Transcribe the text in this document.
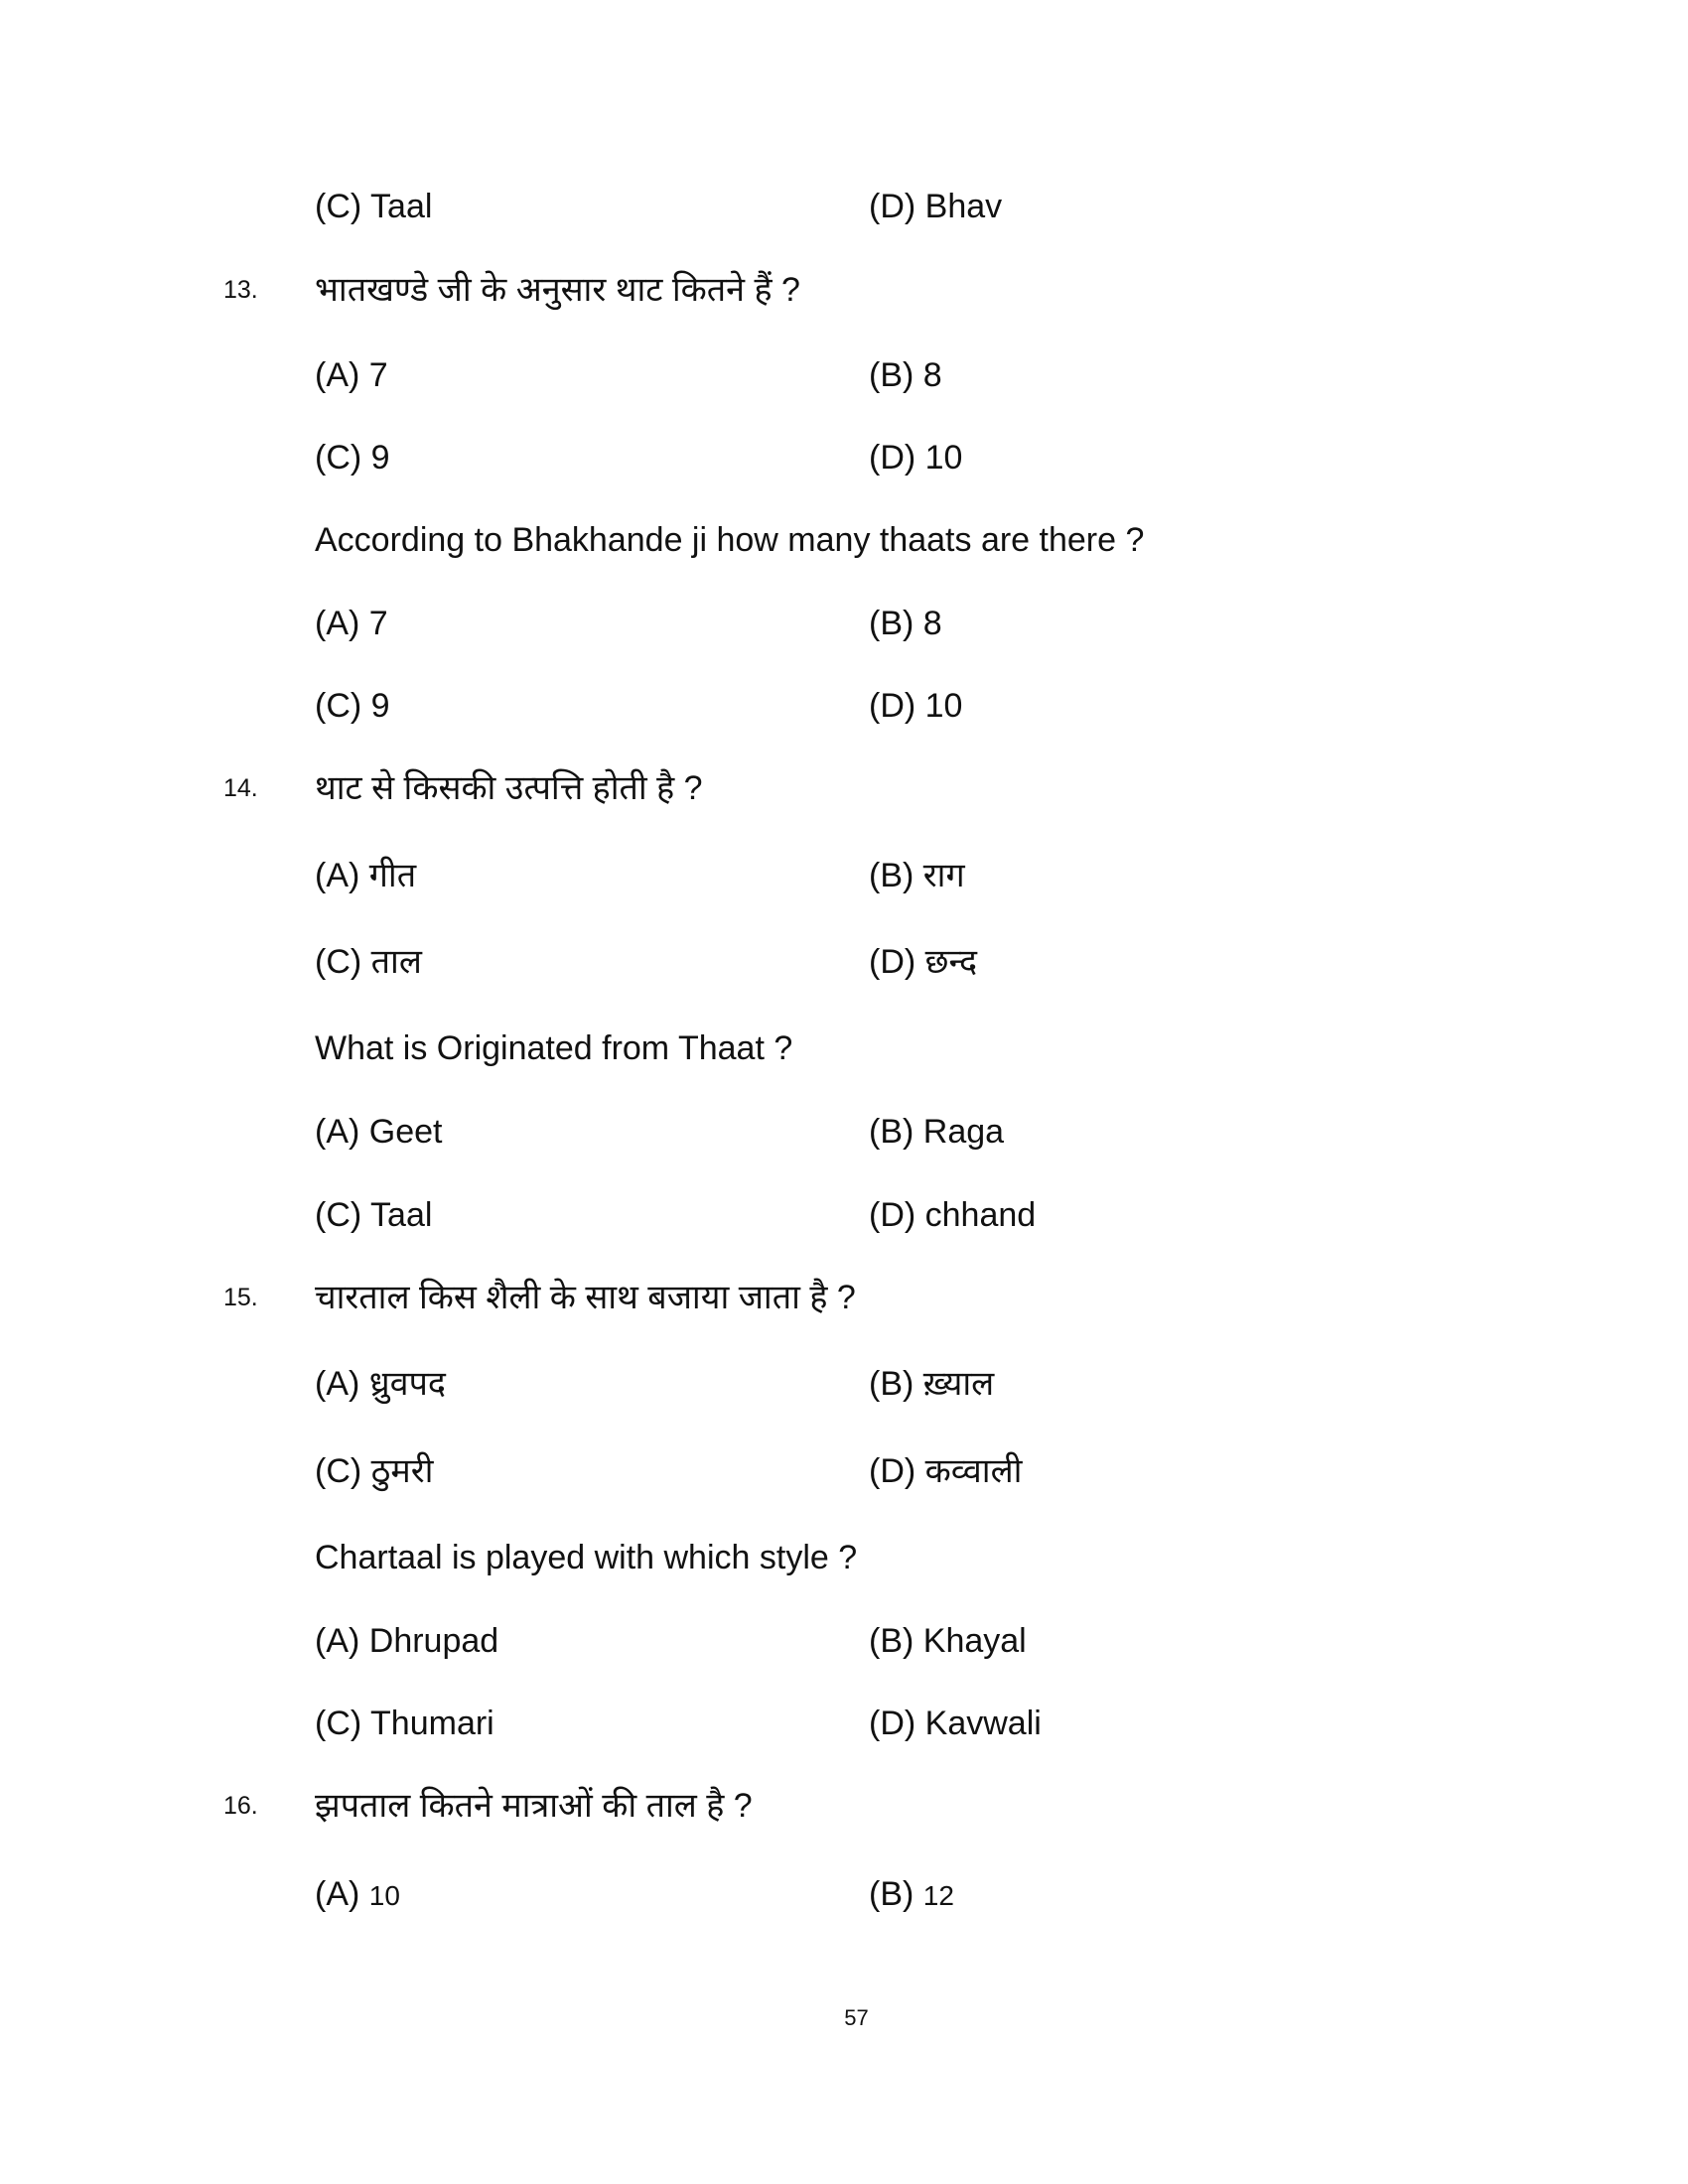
(C) Taal	(D) Bhav
13. भातखण्डे जी के अनुसार थाट कितने हैं ?
(A) 7	(B) 8
(C) 9	(D) 10
According to Bhakhande ji how many thaats are there ?
(A) 7	(B) 8
(C) 9	(D) 10
14. थाट से किसकी उत्पत्ति होती है ?
(A) गीत	(B) राग
(C) ताल	(D) छन्द
What is Originated from Thaat ?
(A) Geet	(B) Raga
(C) Taal	(D) chhand
15. चारताल किस शैली के साथ बजाया जाता है ?
(A) ध्रुवपद	(B) ख़्याल
(C) ठुमरी	(D) कव्वाली
Chartaal is played with which style ?
(A) Dhrupad	(B) Khayal
(C) Thumari	(D) Kavwali
16. झपताल कितने मात्राओं की ताल है ?
(A) 10	(B) 12
57
